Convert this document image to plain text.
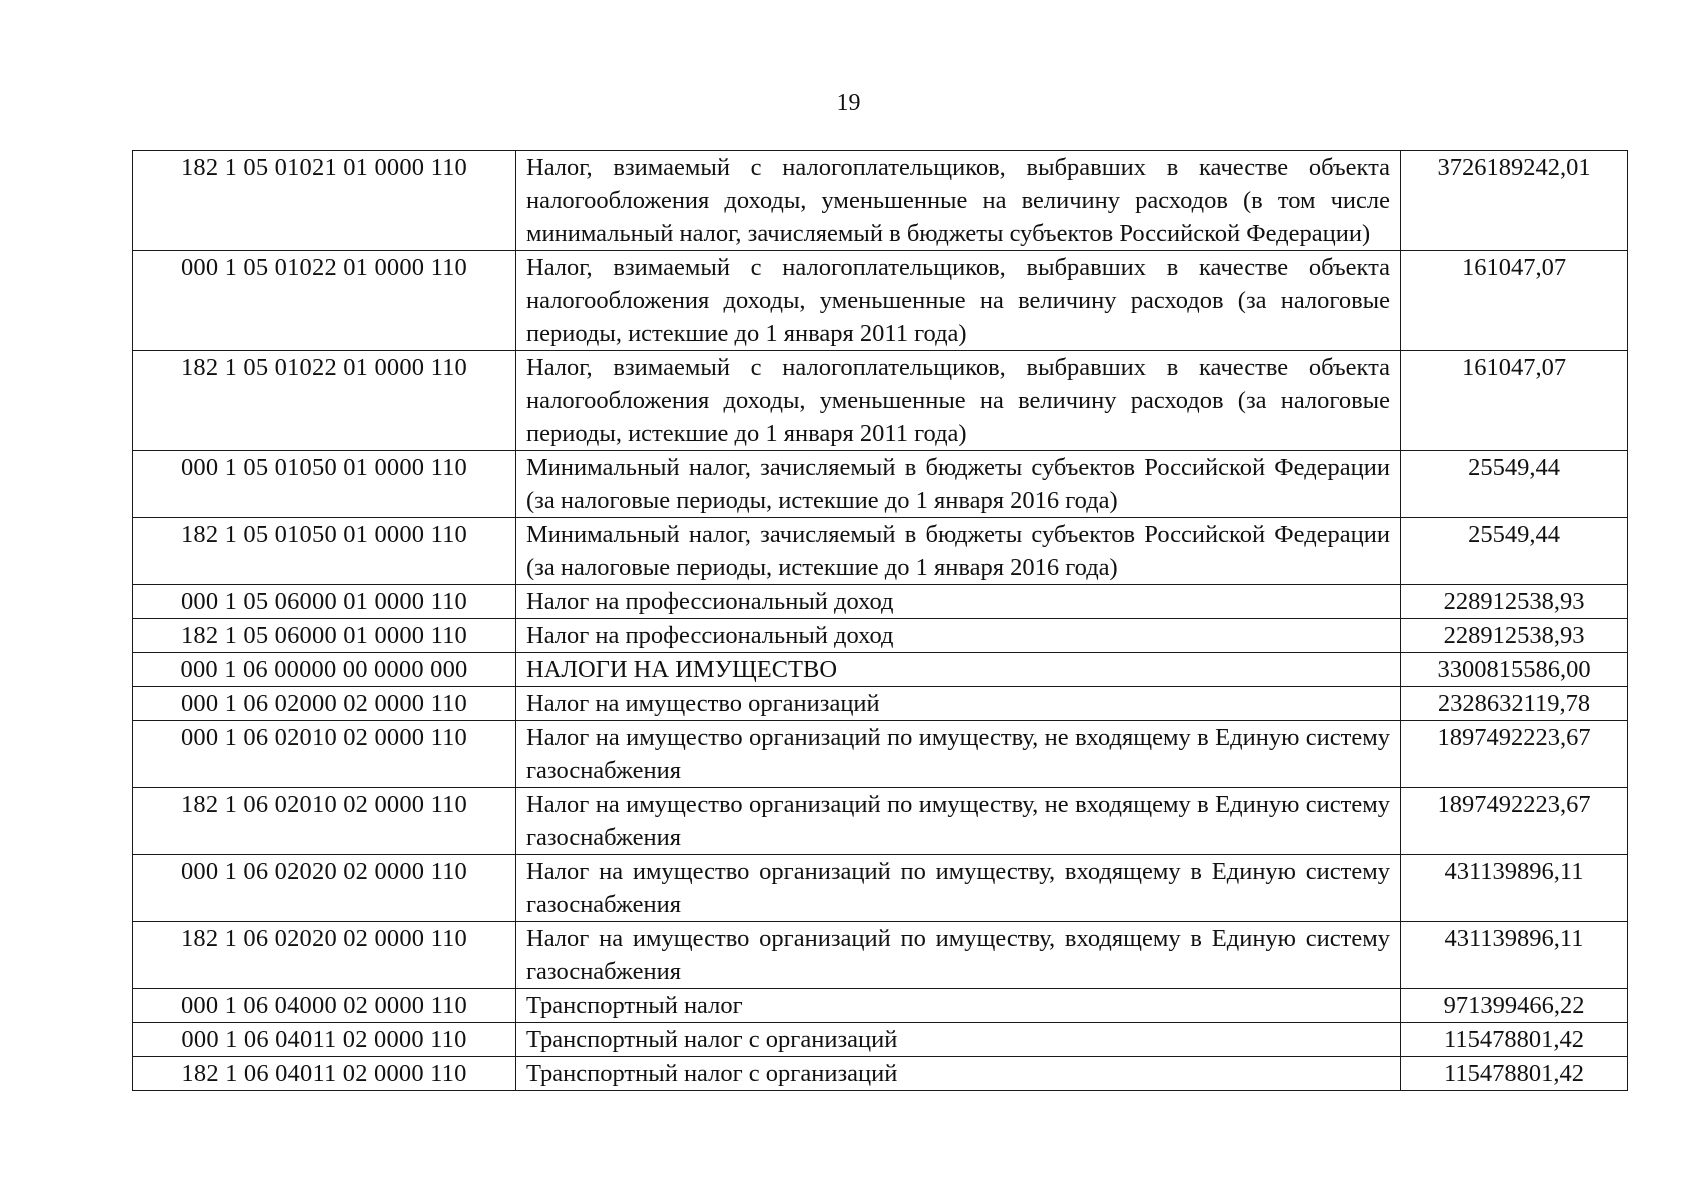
19
182 1 05 01021 01 0000 110	Налог, взимаемый с налогоплательщиков, выбравших в качестве объекта налогообложения доходы, уменьшенные на величину расходов (в том числе минимальный налог, зачисляемый в бюджеты субъектов Российской Федерации)	3726189242,01
000 1 05 01022 01 0000 110	Налог, взимаемый с налогоплательщиков, выбравших в качестве объекта налогообложения доходы, уменьшенные на величину расходов (за налоговые периоды, истекшие до 1 января 2011 года)	161047,07
182 1 05 01022 01 0000 110	Налог, взимаемый с налогоплательщиков, выбравших в качестве объекта налогообложения доходы, уменьшенные на величину расходов (за налоговые периоды, истекшие до 1 января 2011 года)	161047,07
000 1 05 01050 01 0000 110	Минимальный налог, зачисляемый в бюджеты субъектов Российской Федерации (за налоговые периоды, истекшие до 1 января 2016 года)	25549,44
182 1 05 01050 01 0000 110	Минимальный налог, зачисляемый в бюджеты субъектов Российской Федерации (за налоговые периоды, истекшие до 1 января 2016 года)	25549,44
000 1 05 06000 01 0000 110	Налог на профессиональный доход	228912538,93
182 1 05 06000 01 0000 110	Налог на профессиональный доход	228912538,93
000 1 06 00000 00 0000 000	НАЛОГИ НА ИМУЩЕСТВО	3300815586,00
000 1 06 02000 02 0000 110	Налог на имущество организаций	2328632119,78
000 1 06 02010 02 0000 110	Налог на имущество организаций по имуществу, не входящему в Единую систему газоснабжения	1897492223,67
182 1 06 02010 02 0000 110	Налог на имущество организаций по имуществу, не входящему в Единую систему газоснабжения	1897492223,67
000 1 06 02020 02 0000 110	Налог на имущество организаций по имуществу, входящему в Единую систему газоснабжения	431139896,11
182 1 06 02020 02 0000 110	Налог на имущество организаций по имуществу, входящему в Единую систему газоснабжения	431139896,11
000 1 06 04000 02 0000 110	Транспортный налог	971399466,22
000 1 06 04011 02 0000 110	Транспортный налог с организаций	115478801,42
182 1 06 04011 02 0000 110	Транспортный налог с организаций	115478801,42
